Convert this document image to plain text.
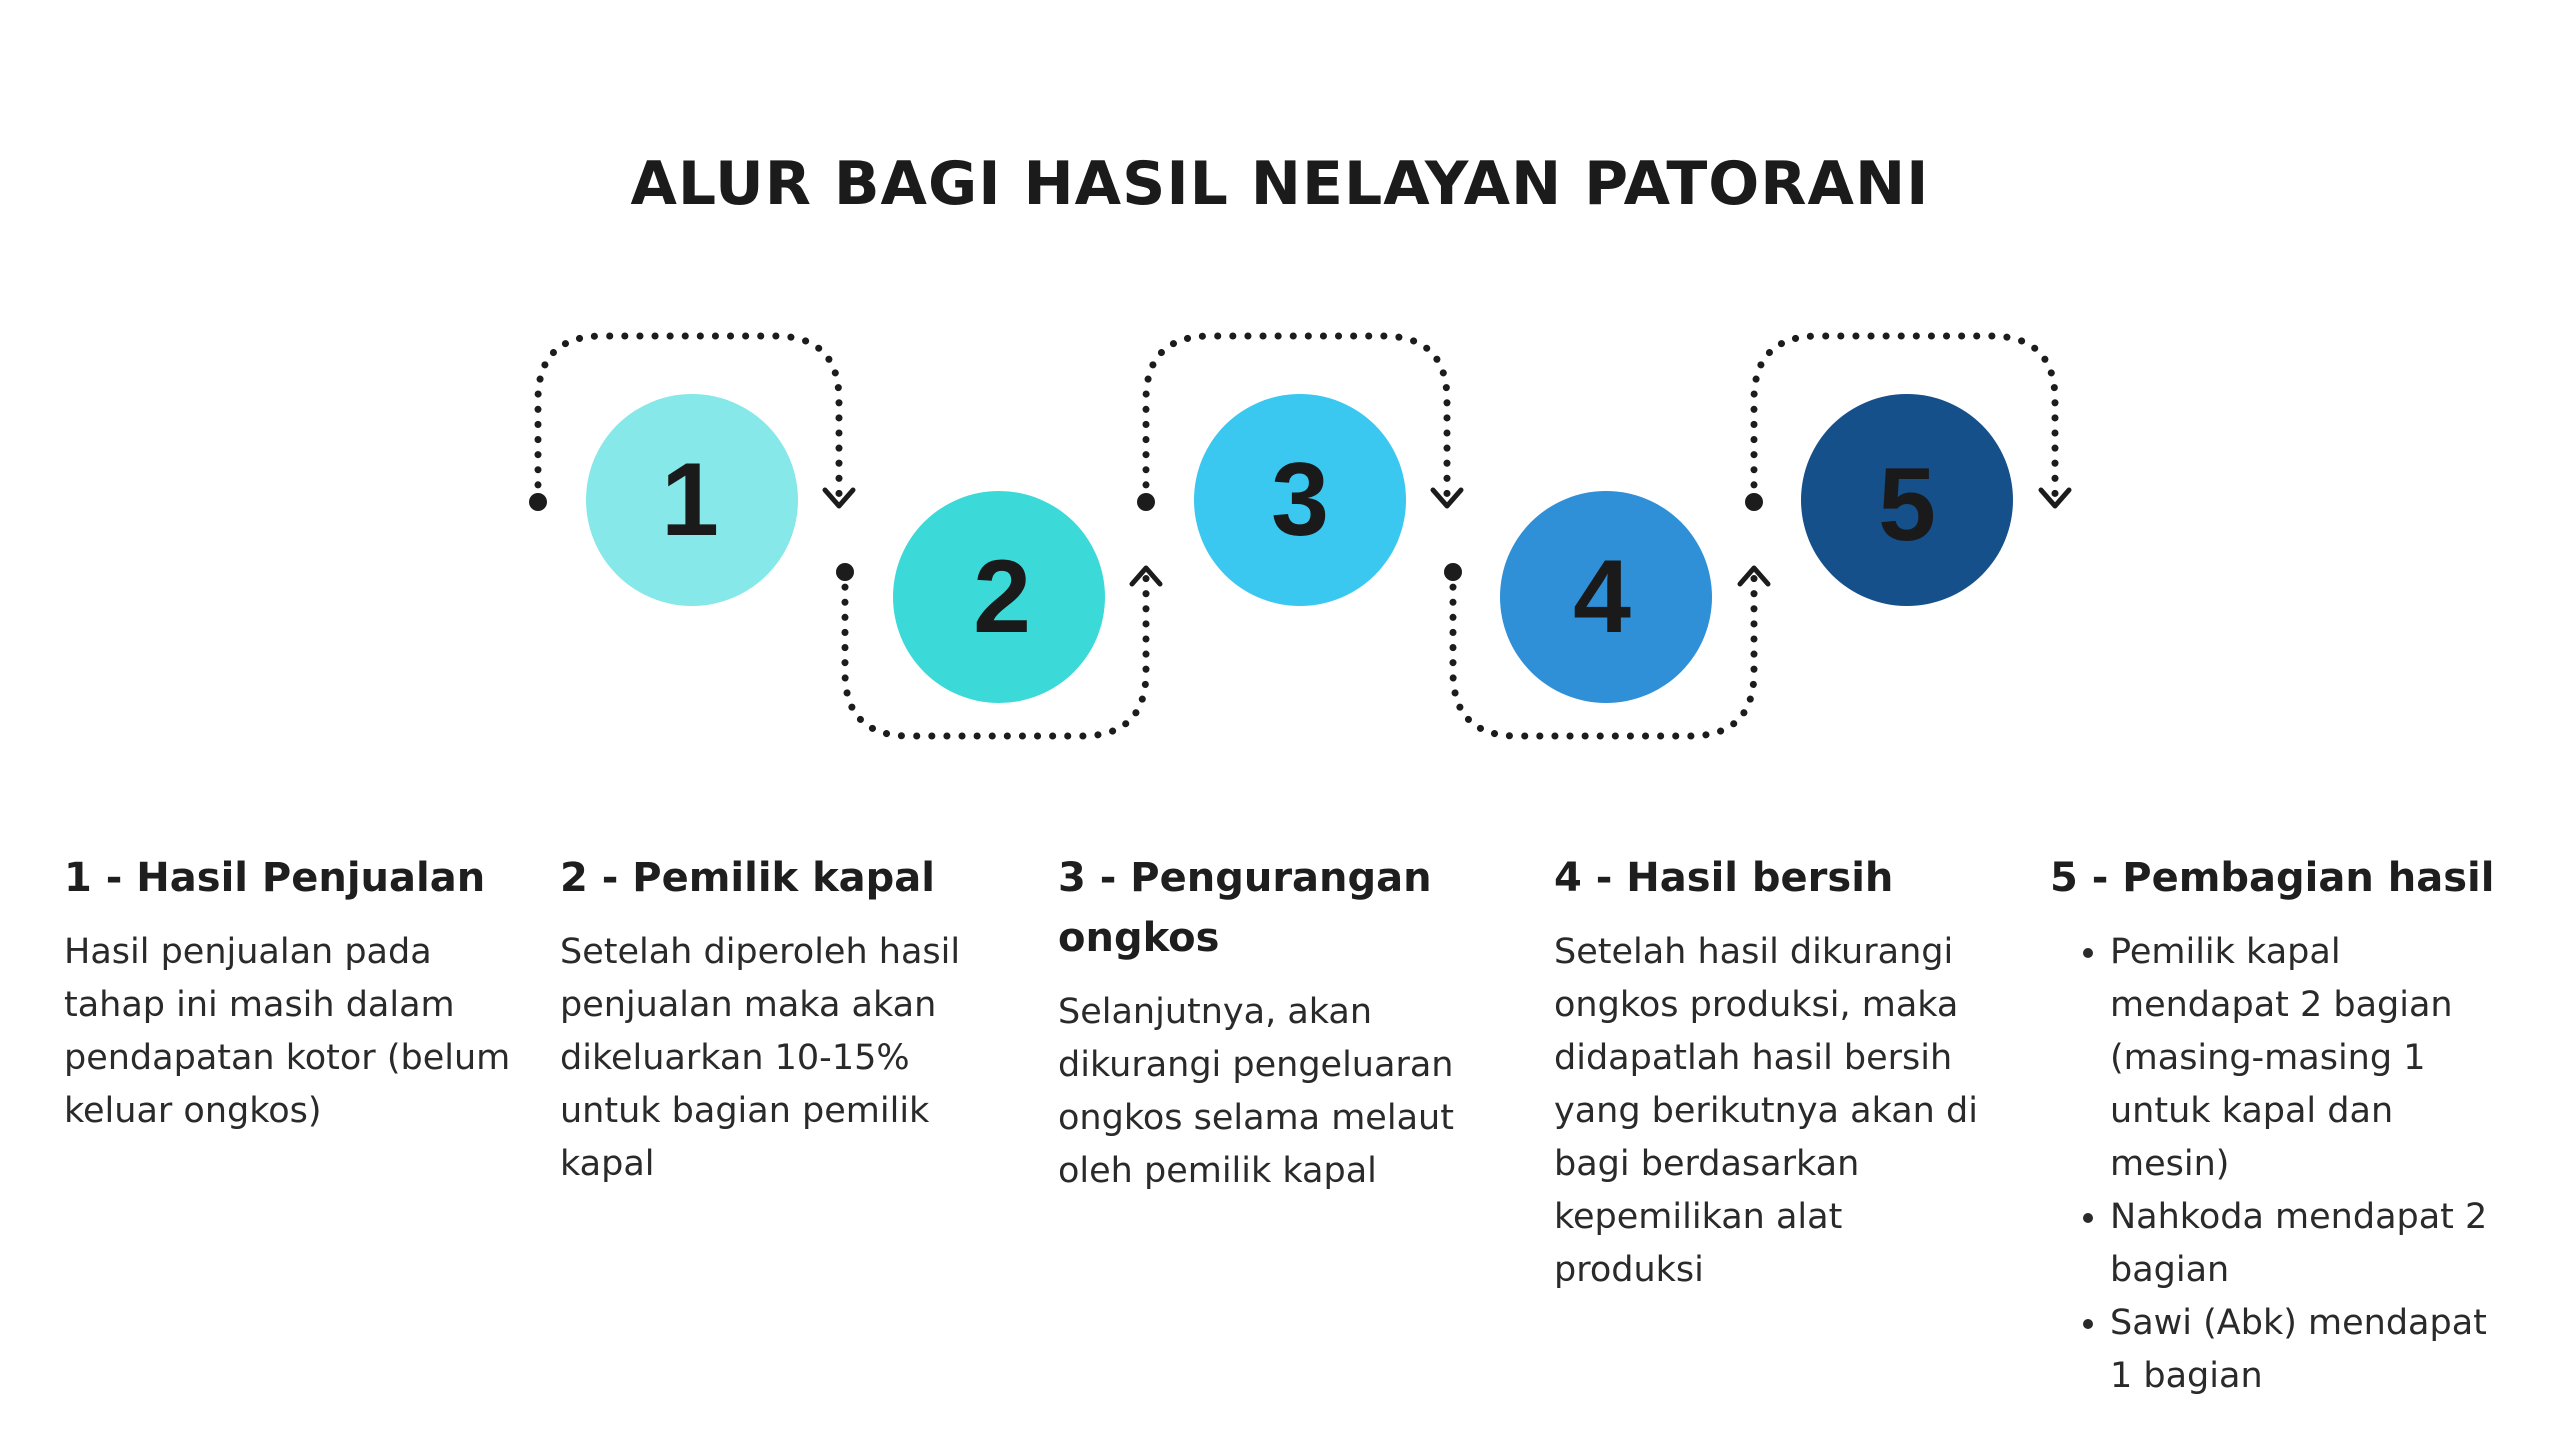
ALUR BAGI HASIL NELAYAN PATORANI
1
2
3
4
5
1 - Hasil Penjualan

Hasil penjualan pada tahap ini masih dalam pendapatan kotor (belum keluar ongkos)

2 - Pemilik kapal

Setelah diperoleh hasil penjualan maka akan dikeluarkan 10-15% untuk bagian pemilik kapal

3 - Pengurangan ongkos

Selanjutnya, akan dikurangi pengeluaran ongkos selama melaut oleh pemilik kapal

4 - Hasil bersih

Setelah hasil dikurangi ongkos produksi, maka didapatlah hasil bersih yang berikutnya akan di bagi berdasarkan kepemilikan alat produksi

5 - Pembagian hasil
• Pemilik kapal mendapat 2 bagian (masing-masing 1 untuk kapal dan mesin)
• Nahkoda mendapat 2 bagian
• Sawi (Abk) mendapat 1 bagian
